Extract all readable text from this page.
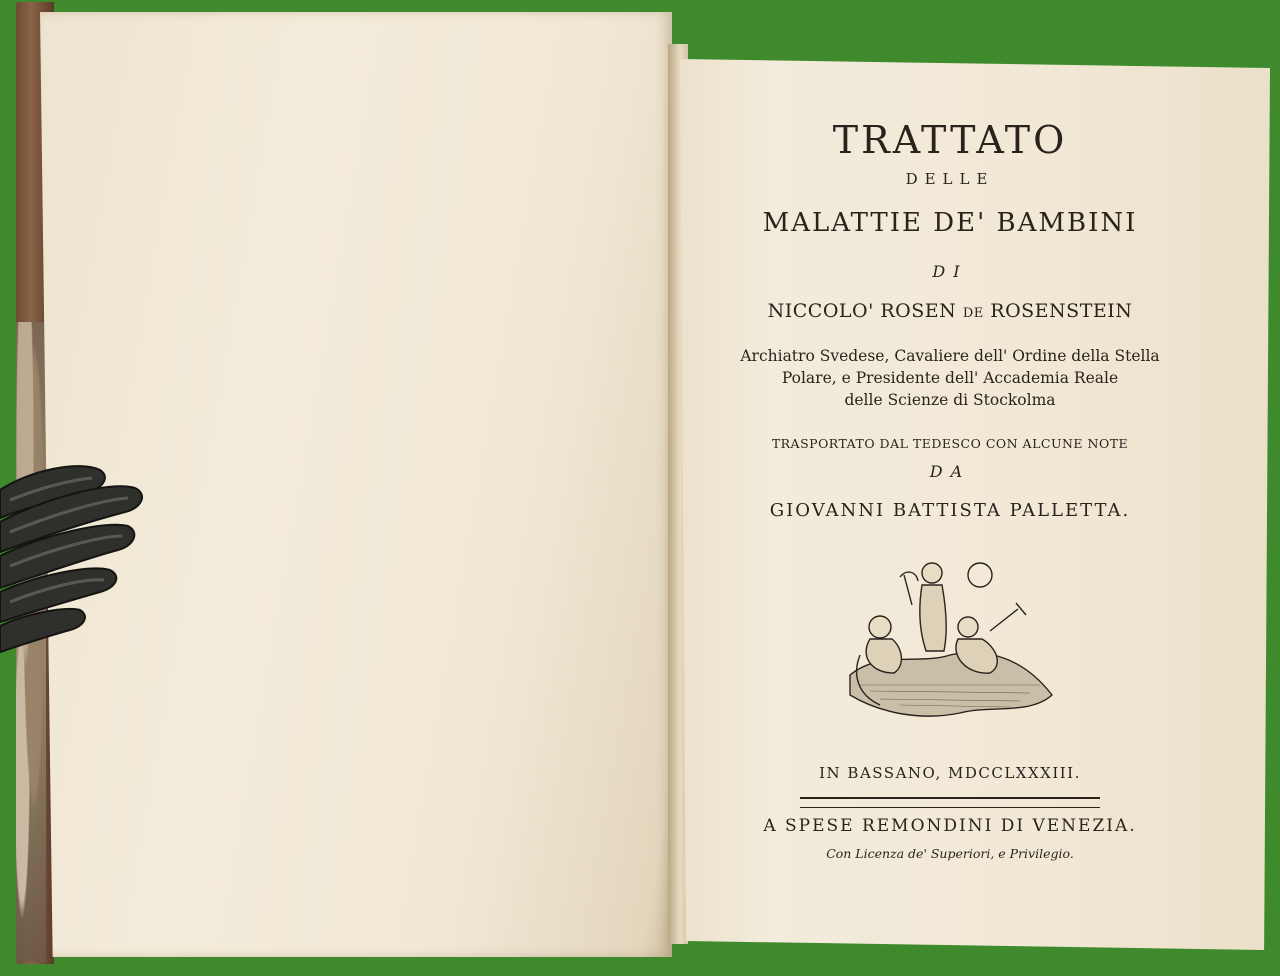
TRATTATO
DELLE
MALATTIE DE' BAMBINI
DI
NICCOLO' ROSEN DE ROSENSTEIN
Archiatro Svedese, Cavaliere dell' Ordine della Stella
Polare, e Presidente dell' Accademia Reale
delle Scienze di Stockolma
TRASPORTATO DAL TEDESCO CON ALCUNE NOTE
DA
GIOVANNI BATTISTA PALLETTA.
IN BASSANO, MDCCLXXXIII.
A SPESE REMONDINI DI VENEZIA.
Con Licenza de' Superiori, e Privilegio.
